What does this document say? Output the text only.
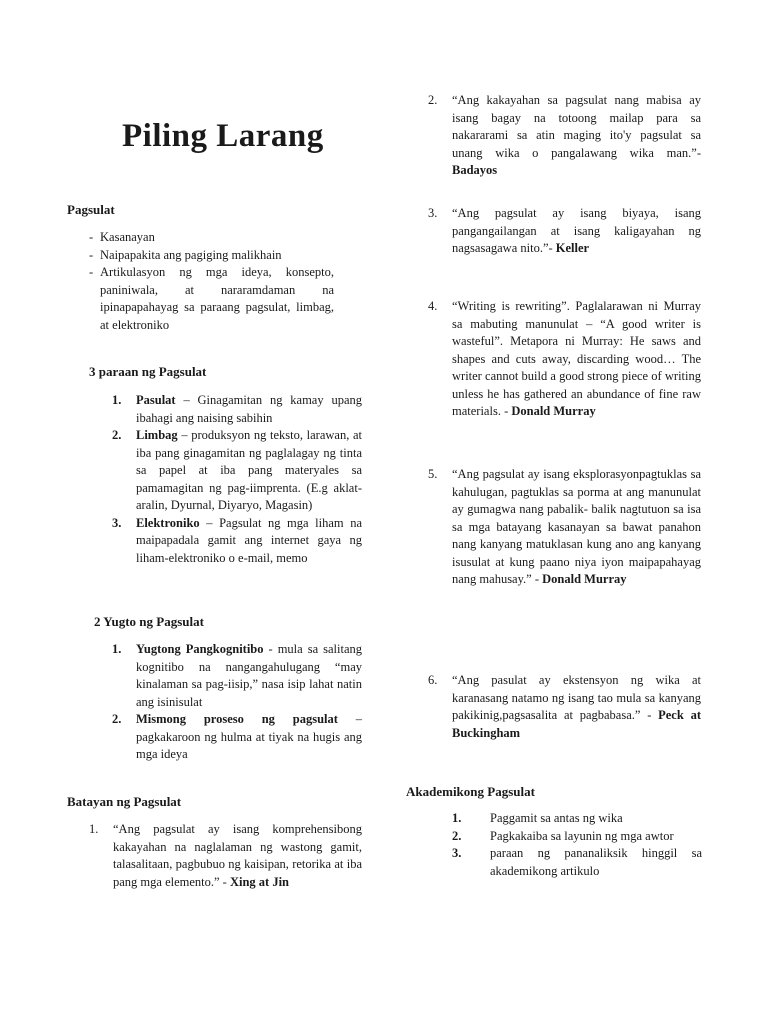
Piling Larang
Pagsulat
- Kasanayan
- Naipapakita ang pagiging malikhain
- Artikulasyon ng mga ideya, konsepto, paniniwala, at nararamdaman na ipinapapahayag sa paraang pagsulat, limbag, at elektroniko
3 paraan ng Pagsulat
1. Pasulat – Ginagamitan ng kamay upang ibahagi ang naising sabihin
2. Limbag – produksyon ng teksto, larawan, at iba pang ginagamitan ng paglalagay ng tinta sa papel at iba pang materyales sa pamamagitan ng pag-iimprenta. (E.g aklat-aralin, Dyurnal, Diyaryo, Magasin)
3. Elektroniko – Pagsulat ng mga liham na maipapadala gamit ang internet gaya ng liham-elektroniko o e-mail, memo
2 Yugto ng Pagsulat
1. Yugtong Pangkognitibo - mula sa salitang kognitibo na nangangahulugang “may kinalaman sa pag-iisip,” nasa isip lahat natin ang isinisulat
2. Mismong proseso ng pagsulat – pagkakaroon ng hulma at tiyak na hugis ang mga ideya
Batayan ng Pagsulat
1. “Ang pagsulat ay isang komprehensibong kakayahan na naglalaman ng wastong gamit, talasalitaan, pagbubuo ng kaisipan, retorika at iba pang mga elemento.” - Xing at Jin
2. “Ang kakayahan sa pagsulat nang mabisa ay isang bagay na totoong mailap para sa nakararami sa atin maging ito'y pagsulat sa unang wika o pangalawang wika man.”- Badayos
3. “Ang pagsulat ay isang biyaya, isang pangangailangan at isang kaligayahan ng nagsasagawa nito.”- Keller
4. “Writing is rewriting”. Paglalarawan ni Murray sa mabuting manunulat – “A good writer is wasteful”. Metapora ni Murray: He saws and shapes and cuts away, discarding wood… The writer cannot build a good strong piece of writing unless he has gathered an abundance of fine raw materials. - Donald Murray
5. “Ang pagsulat ay isang eksplorasyonpagtuklas sa kahulugan, pagtuklas sa porma at ang manunulat ay gumagwa nang pabalik- balik nagtutuon sa isa sa mga batayang kasanayan sa bawat panahon nang kanyang matuklasan kung ano ang kanyang isusulat at kung paano niya iyon maipapahayag nang mahusay.” - Donald Murray
6. “Ang pasulat ay ekstensyon ng wika at karanasang natamo ng isang tao mula sa kanyang pakikinig,pagsasalita at pagbabasa.” - Peck at Buckingham
Akademikong Pagsulat
1. Paggamit sa antas ng wika
2. Pagkakaiba sa layunin ng mga awtor
3. paraan ng pananaliksik hinggil sa akademikong artikulo
